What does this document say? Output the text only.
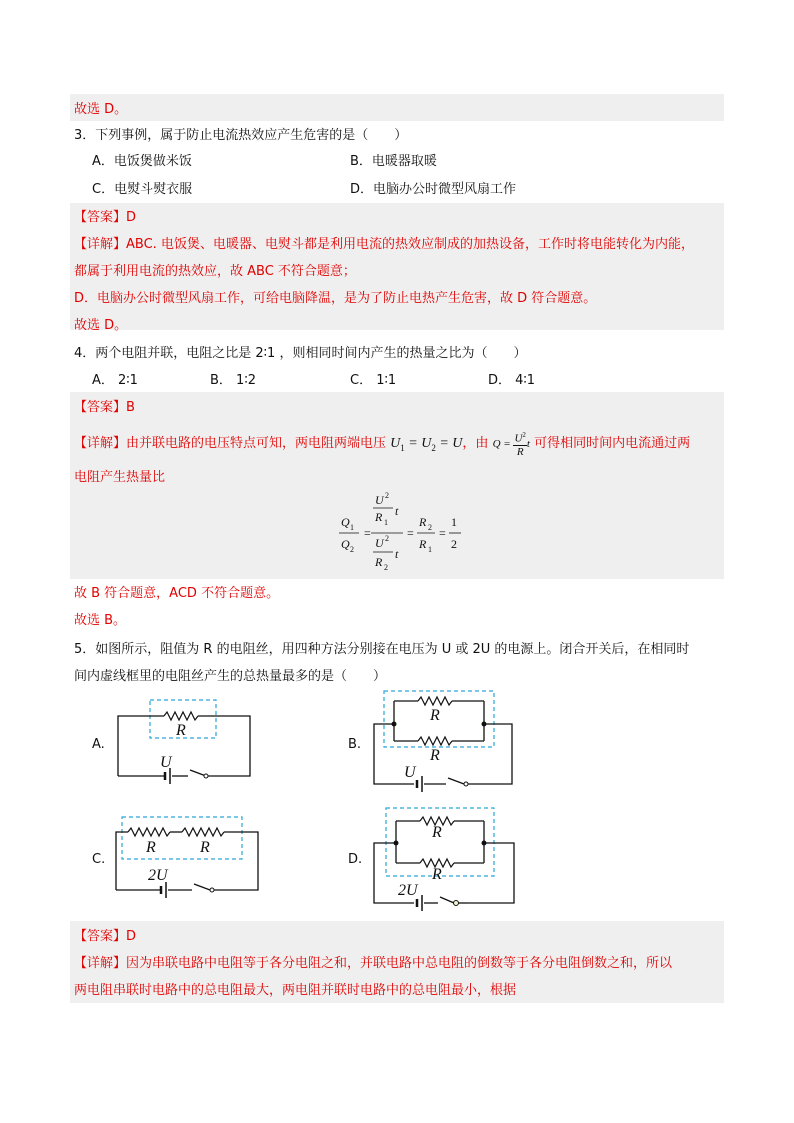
故选 D。
3．下列事例，属于防止电流热效应产生危害的是（　　）
A．电饭煲做米饭	B．电暖器取暖
C．电熨斗熨衣服	D．电脑办公时微型风扇工作
【答案】D
【详解】ABC. 电饭煲、电暖器、电熨斗都是利用电流的热效应制成的加热设备，工作时将电能转化为内能，
都属于利用电流的热效应，故 ABC 不符合题意；
D．电脑办公时微型风扇工作，可给电脑降温，是为了防止电热产生危害，故 D 符合题意。
故选 D。
4．两个电阻并联，电阻之比是 2∶1 ，则相同时间内产生的热量之比为（　　）
A． 2∶1	B． 1∶2	C． 1∶1	D． 4∶1
【答案】B
【详解】由并联电路的电压特点可知，两电阻两端电压 $U_1 = U_2 = U$，由 $Q = \frac{U^2}{R}$ t 可得相同时间内电流通过两
电阻产生热量比
Q 1
Q 2
=
U 2
R 1
t
U 2
R 2
t
=
R 2
R 1
=
1
2
故 B 符合题意，ACD 不符合题意。
故选 B。
5．如图所示，阻值为 R 的电阻丝，用四种方法分别接在电压为 U 或 2U 的电源上。闭合开关后，在相同时
间内虚线框里的电阻丝产生的总热量最多的是（　　）
A.
R
U
B.
R
R
U
C.
R	R
2U
D.
R
R
2U
【答案】D
【详解】因为串联电路中电阻等于各分电阻之和，并联电路中总电阻的倒数等于各分电阻倒数之和，所以
两电阻串联时电路中的总电阻最大，两电阻并联时电路中的总电阻最小，根据
